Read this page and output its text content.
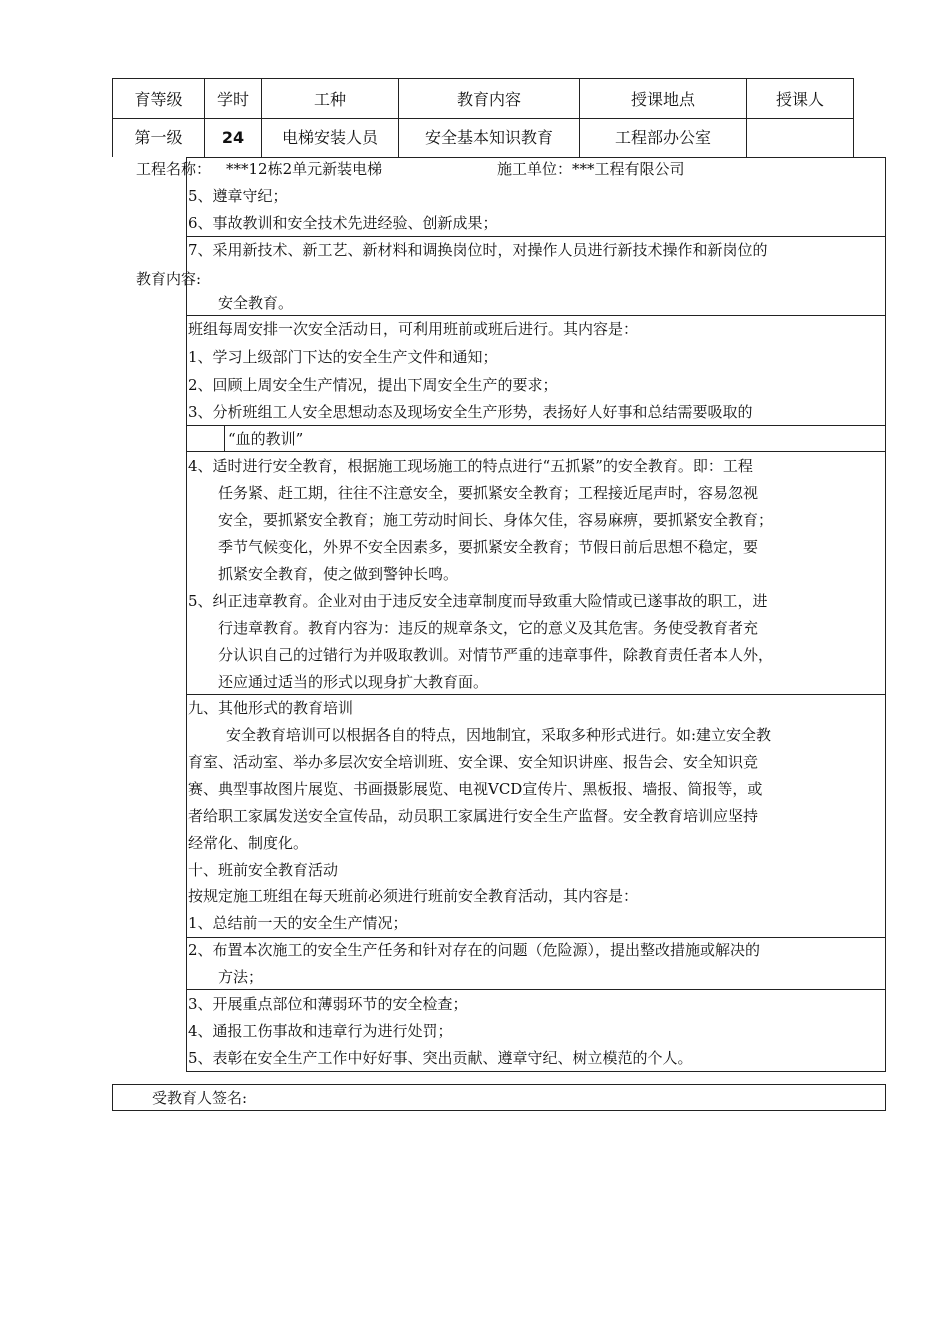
育等级
第一级
学时
24
工种
电梯安装人员
教育内容
安全基本知识教育
授课地点
工程部办公室
授课人
工程名称： ***12栋2单元新装电梯	施工单位： ***工程有限公司
教育内容:
5、遵章守纪；
6、事故教训和安全技术先进经验、创新成果；
7、采用新技术、新工艺、新材料和调换岗位时，对操作人员进行新技术操作和新岗位的
安全教育。
班组每周安排一次安全活动日，可利用班前或班后进行。其内容是：
1、学习上级部门下达的安全生产文件和通知；
2、回顾上周安全生产情况，提出下周安全生产的要求；
3、分析班组工人安全思想动态及现场安全生产形势，表扬好人好事和总结需要吸取的
“血的教训”
4、适时进行安全教育，根据施工现场施工的特点进行“五抓紧”的安全教育。即：工程
任务紧、赶工期，往往不注意安全，要抓紧安全教育；工程接近尾声时，容易忽视
安全，要抓紧安全教育；施工劳动时间长、身体欠佳，容易麻痹，要抓紧安全教育；
季节气候变化，外界不安全因素多，要抓紧安全教育；节假日前后思想不稳定，要
抓紧安全教育，使之做到警钟长鸣。
5、纠正违章教育。企业对由于违反安全违章制度而导致重大险情或已遂事故的职工，进
行违章教育。教育内容为：违反的规章条文，它的意义及其危害。务使受教育者充
分认识自己的过错行为并吸取教训。对情节严重的违章事件，除教育责任者本人外，
还应通过适当的形式以现身扩大教育面。
九、其他形式的教育培训
安全教育培训可以根据各自的特点，因地制宜，采取多种形式进行。如:建立安全教
育室、活动室、举办多层次安全培训班、安全课、安全知识讲座、报告会、安全知识竞
赛、典型事故图片展览、书画摄影展览、电视VCD宣传片、黑板报、墙报、简报等，或
者给职工家属发送安全宣传品，动员职工家属进行安全生产监督。安全教育培训应坚持
经常化、制度化。
十、班前安全教育活动
按规定施工班组在每天班前必须进行班前安全教育活动，其内容是：
1、总结前一天的安全生产情况；
2、布置本次施工的安全生产任务和针对存在的问题（危险源），提出整改措施或解决的
方法；
3、开展重点部位和薄弱环节的安全检查；
4、通报工伤事故和违章行为进行处罚；
5、表彰在安全生产工作中好好事、突出贡献、遵章守纪、树立模范的个人。
受教育人签名:
